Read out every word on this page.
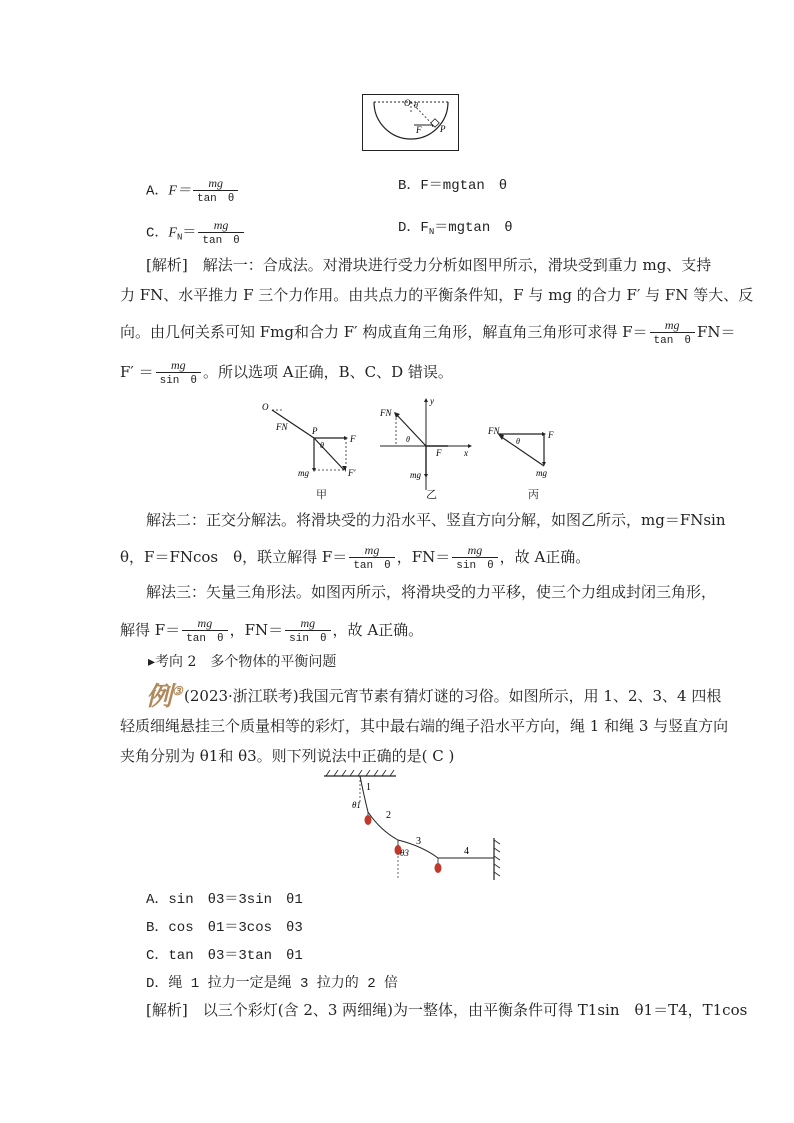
O θ
F P
A．$F= \frac{mg}{\text{tan　θ}}$	B．F＝mgtan　θ
C．$F_N= \frac{mg}{\text{tan　θ}}$	D．$F_N=mgtan$　θ
[解析]　解法一：合成法。对滑块进行受力分析如图甲所示，滑块受到重力 mg、支持
力 FN、水平推力 F 三个力作用。由共点力的平衡条件知，F 与 mg 的合力 F′ 与 FN 等大、反
向。由几何关系可知 Fmg和合力 F′ 构成直角三角形，解直角三角形可求得 $F= \frac{mg}{\text{tan　θ}} FN=$
$F' = \frac{mg}{\text{sin　θ}}$ 。所以选项 A正确，B、C、D 错误。
O
FN	P
θ
F
mg	F′
甲
FN
θ
y
x
F
mg
乙
FN
θ
F
mg
丙
解法二：正交分解法。将滑块受的力沿水平、竖直方向分解，如图乙所示，mg＝FNsin
θ，F＝FNcos　θ，联立解得 $F= \frac{mg}{\text{tan　θ}}$ ，$FN= \frac{mg}{\text{sin　θ}}$ ，故 A正确。
解法三：矢量三角形法。如图丙所示，将滑块受的力平移，使三个力组成封闭三角形，
解得 $F= \frac{mg}{\text{tan　θ}}$ ，$FN= \frac{mg}{\text{sin　θ}}$ ，故 A正确。
▸考向 2　多个物体的平衡问题
例③ (2023·浙江联考)我国元宵节素有猜灯谜的习俗。如图所示，用 1、2、3、4 四根
轻质细绳悬挂三个质量相等的彩灯，其中最右端的绳子沿水平方向，绳 1 和绳 3 与竖直方向
夹角分别为 θ1和 θ3。则下列说法中正确的是( C )
1
2
3
4
θ1
θ3
A．sin　θ3＝3sin　θ1
B．cos　θ1＝3cos　θ3
C．tan　θ3＝3tan　θ1
D．绳 1 拉力一定是绳 3 拉力的 2 倍
[解析]　以三个彩灯(含 2、3 两细绳)为一整体，由平衡条件可得 T1sin　θ1＝T4，T1cos
